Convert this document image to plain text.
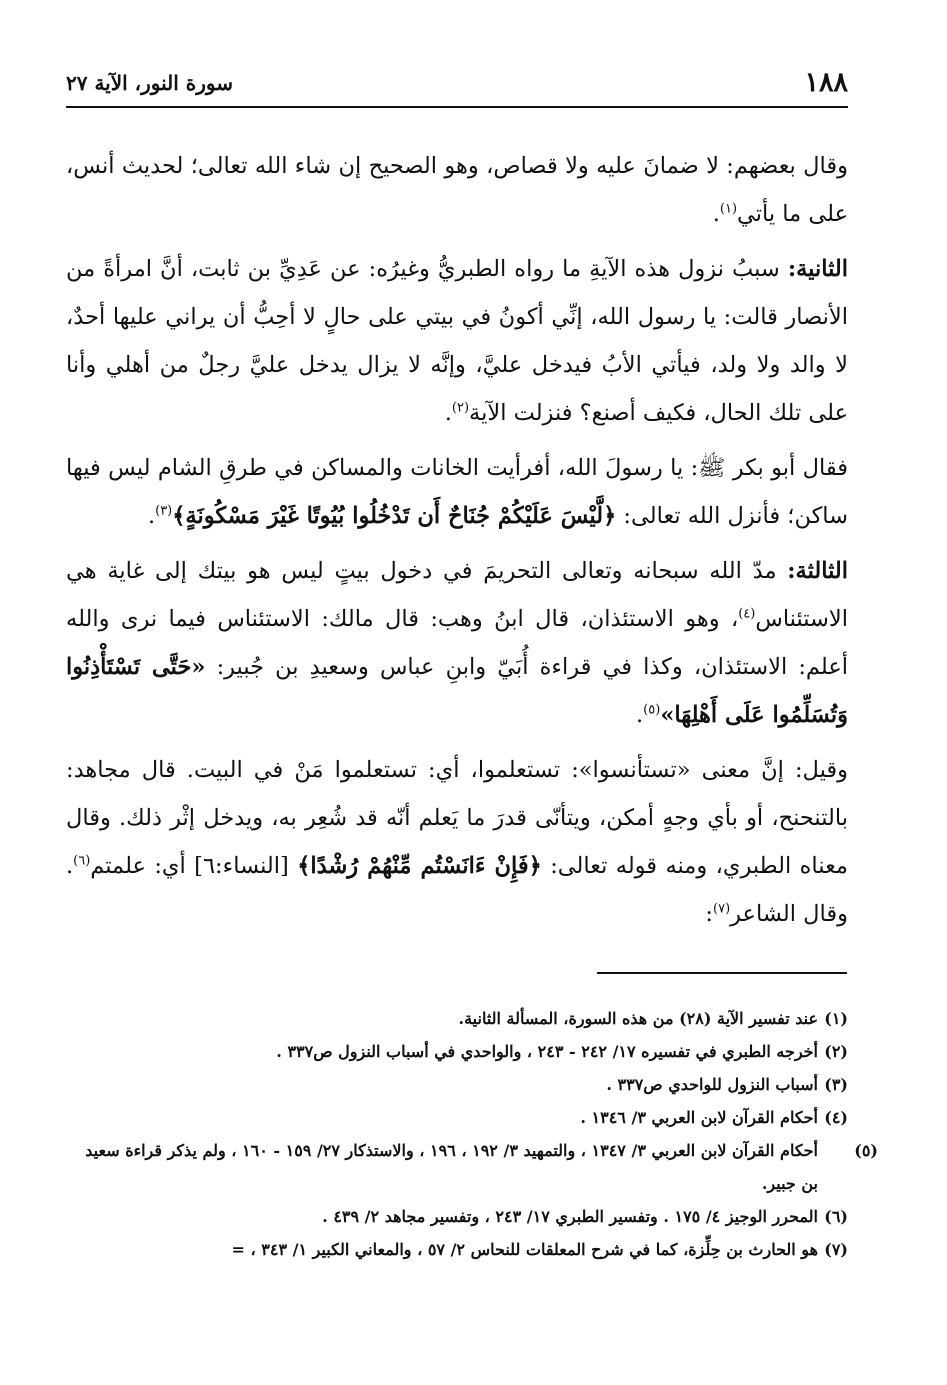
١٨٨
سورة النور، الآية ٢٧

وقال بعضهم: لا ضمانَ عليه ولا قصاص، وهو الصحيح إن شاء الله تعالى؛ لحديث أنس، على ما يأتي$^{(١)}$.

الثانية: سببُ نزول هذه الآيةِ ما رواه الطبريُّ وغيرُه: عن عَدِيِّ بن ثابت، أنَّ امرأةً من الأنصار قالت: يا رسول الله، إنِّي أكونُ في بيتي على حالٍ لا أحِبُّ أن يراني عليها أحدٌ، لا والد ولا ولد، فيأتي الأبُ فيدخل عليَّ، وإنَّه لا يزال يدخل عليَّ رجلٌ من أهلي وأنا على تلك الحال، فكيف أصنع؟ فنزلت الآية$^{(٢)}$.

فقال أبو بكر ﷺ: يا رسولَ الله، أفرأيت الخانات والمساكن في طرقِ الشام ليس فيها ساكن؛ فأنزل الله تعالى: ﴿لَّيْسَ عَلَيْكُمْ جُنَاحٌ أَن تَدْخُلُوا بُيُوتًا غَيْرَ مَسْكُونَةٍ﴾$^{(٣)}$.

الثالثة: مدّ الله سبحانه وتعالى التحريمَ في دخول بيتٍ ليس هو بيتك إلى غاية هي الاستئناس$^{(٤)}$، وهو الاستئذان، قال ابنُ وهب: قال مالك: الاستئناس فيما نرى والله أعلم: الاستئذان، وكذا في قراءة أُبَيّ وابنِ عباس وسعيدِ بن جُبير: «حَتَّى تَسْتَأْذِنُوا وَتُسَلِّمُوا عَلَى أَهْلِهَا»$^{(٥)}$.

وقيل: إنَّ معنى «تستأنسوا»: تستعلموا، أي: تستعلموا مَنْ في البيت. قال مجاهد: بالتنحنح، أو بأي وجهٍ أمكن، ويتأنّى قدرَ ما يَعلم أنّه قد شُعِر به، ويدخل إثْر ذلك. وقال معناه الطبري، ومنه قوله تعالى: ﴿فَإِنْ ءَانَسْتُم مِّنْهُمْ رُشْدًا﴾ [النساء:٦] أي: علمتم$^{(٦)}$. وقال الشاعر$^{(٧)}$:

(١)عند تفسير الآية (٢٨) من هذه السورة، المسألة الثانية.

(٢)أخرجه الطبري في تفسيره ١٧/ ٢٤٢ - ٢٤٣ ، والواحدي في أسباب النزول ص٣٣٧ .

(٣)أسباب النزول للواحدي ص٣٣٧ .

(٤)أحكام القرآن لابن العربي ٣/ ١٣٤٦ .

(٥)أحكام القرآن لابن العربي ٣/ ١٣٤٧ ، والتمهيد ٣/ ١٩٢ ، ١٩٦ ، والاستذكار ٢٧/ ١٥٩ - ١٦٠ ، ولم يذكر قراءة سعيد بن جبير.

(٦)المحرر الوجيز ٤/ ١٧٥ . وتفسير الطبري ١٧/ ٢٤٣ ، وتفسير مجاهد ٢/ ٤٣٩ .

(٧)هو الحارث بن حِلِّزة، كما في شرح المعلقات للنحاس ٢/ ٥٧ ، والمعاني الكبير ١/ ٣٤٣ ، =
